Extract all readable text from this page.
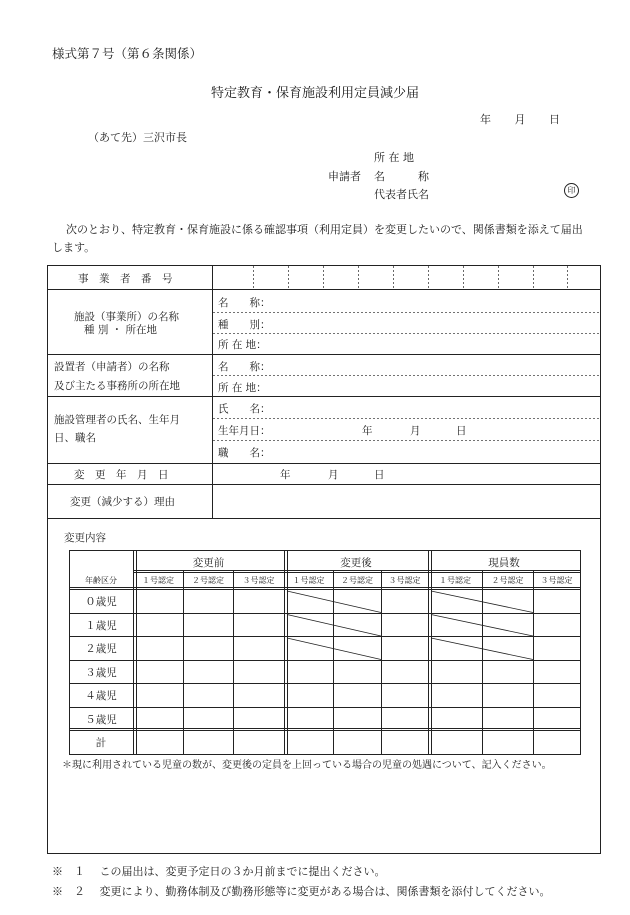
様式第７号（第６条関係）
特定教育・保育施設利用定員減少届
年 月 日
（あて先）三沢市長
所 在 地
申請者 名　　　称
代表者氏名	印
次のとおり、特定教育・保育施設に係る確認事項（利用定員）を変更したいので、関係書類を添えて届出します。
事　業　者　番　号
施設（事業所）の名称
種 別 ・ 所在地
名　　称：
種　　別：
所 在 地：
設置者（申請者）の名称
及び主たる事務所の所在地
名　　称：
所 在 地：
施設管理者の氏名、生年月
日、職名
氏　　名：
生年月日：	年	月	日
職　　名：
変　更　年　月　日	年	月	日
変更（減少する）理由
変更内容
年齢区分
変更前	変更後	現員数
１号認定	２号認定	３号認定	１号認定	２号認定	３号認定	１号認定	２号認定	３号認定
０歳児
１歳児
２歳児
３歳児
４歳児
５歳児
計
＊現に利用されている児童の数が、変更後の定員を上回っている場合の児童の処遇について、記入ください。
※　１　 この届出は、変更予定日の３か月前までに提出ください。
※　２　 変更により、勤務体制及び勤務形態等に変更がある場合は、関係書類を添付してください。
